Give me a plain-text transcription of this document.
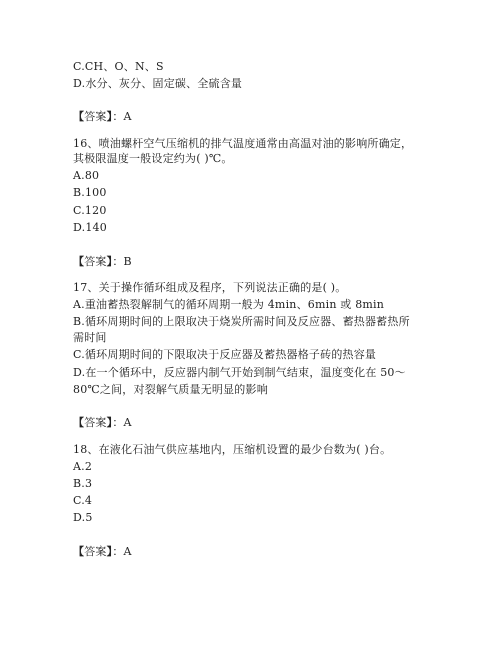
C.CH、O、N、S
D.水分、灰分、固定碳、全硫含量
【答案】：A
16、喷油螺杆空气压缩机的排气温度通常由高温对油的影响所确定，
其极限温度一般设定约为( )℃。
A.80
B.100
C.120
D.140
【答案】：B
17、关于操作循环组成及程序，下列说法正确的是( )。
A.重油蓄热裂解制气的循环周期一般为 4min、6min 或 8min
B.循环周期时间的上限取决于烧炭所需时间及反应器、蓄热器蓄热所
需时间
C.循环周期时间的下限取决于反应器及蓄热器格子砖的热容量
D.在一个循环中，反应器内制气开始到制气结束，温度变化在 50～
80℃之间，对裂解气质量无明显的影响
【答案】：A
18、在液化石油气供应基地内，压缩机设置的最少台数为( )台。
A.2
B.3
C.4
D.5
【答案】：A
